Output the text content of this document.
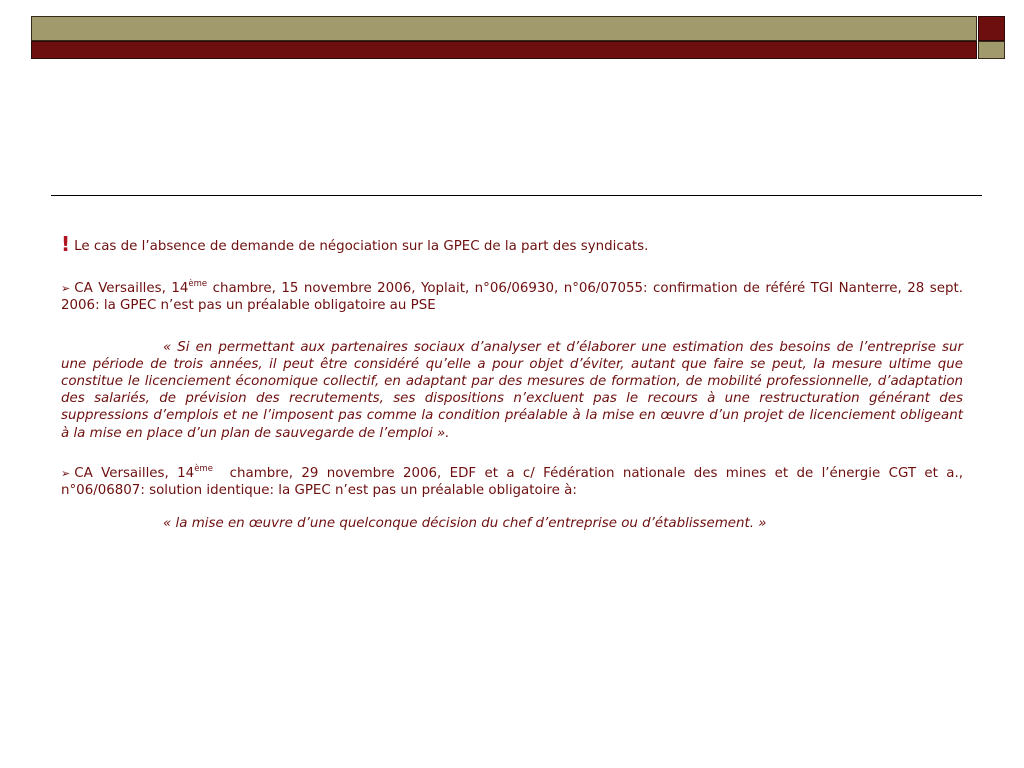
! Le cas de l’absence de demande de négociation sur la GPEC de la part des syndicats.

➢ CA Versailles, 14ème chambre, 15 novembre 2006, Yoplait, n°06/06930, n°06/07055: confirmation de référé TGI Nanterre, 28 sept. 2006: la GPEC n’est pas un préalable obligatoire au PSE

« Si en permettant aux partenaires sociaux d’analyser et d’élaborer une estimation des besoins de l’entreprise sur une période de trois années, il peut être considéré qu’elle a pour objet d’éviter, autant que faire se peut, la mesure ultime que constitue le licenciement économique collectif, en adaptant par des mesures de formation, de mobilité professionnelle, d’adaptation des salariés, de prévision des recrutements, ses dispositions n’excluent pas le recours à une restructuration générant des suppressions d’emplois et ne l’imposent pas comme la condition préalable à la mise en œuvre d’un projet de licenciement obligeant à la mise en place d’un plan de sauvegarde de l’emploi ».

➢ CA Versailles, 14ème  chambre, 29 novembre 2006, EDF et a c/ Fédération nationale des mines et de l’énergie CGT et a., n°06/06807: solution identique: la GPEC n’est pas un préalable obligatoire à:

« la mise en œuvre d’une quelconque décision du chef d’entreprise ou d’établissement. »
